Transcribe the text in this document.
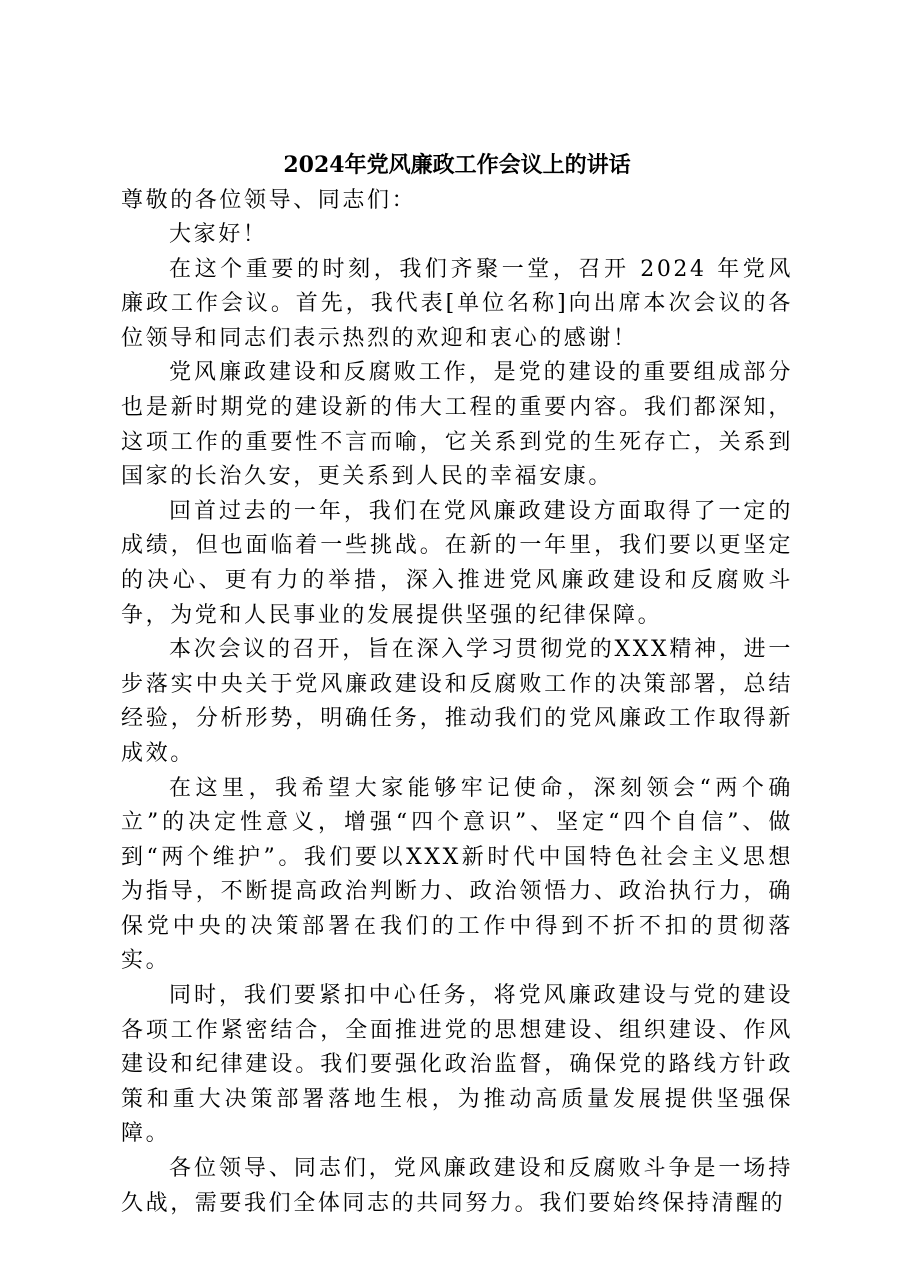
2024年党风廉政工作会议上的讲话

尊敬的各位领导、同志们：

大家好！

在这个重要的时刻，我们齐聚一堂，召开 2024 年党风廉政工作会议。首先，我代表[单位名称]向出席本次会议的各位领导和同志们表示热烈的欢迎和衷心的感谢！

党风廉政建设和反腐败工作，是党的建设的重要组成部分也是新时期党的建设新的伟大工程的重要内容。我们都深知，这项工作的重要性不言而喻，它关系到党的生死存亡，关系到国家的长治久安，更关系到人民的幸福安康。

回首过去的一年，我们在党风廉政建设方面取得了一定的成绩，但也面临着一些挑战。在新的一年里，我们要以更坚定的决心、更有力的举措，深入推进党风廉政建设和反腐败斗争，为党和人民事业的发展提供坚强的纪律保障。

本次会议的召开，旨在深入学习贯彻党的XXX精神，进一步落实中央关于党风廉政建设和反腐败工作的决策部署，总结经验，分析形势，明确任务，推动我们的党风廉政工作取得新成效。

在这里，我希望大家能够牢记使命，深刻领会“两个确立”的决定性意义，增强“四个意识”、坚定“四个自信”、做到“两个维护”。我们要以XXX新时代中国特色社会主义思想为指导，不断提高政治判断力、政治领悟力、政治执行力，确保党中央的决策部署在我们的工作中得到不折不扣的贯彻落实。

同时，我们要紧扣中心任务，将党风廉政建设与党的建设各项工作紧密结合，全面推进党的思想建设、组织建设、作风建设和纪律建设。我们要强化政治监督，确保党的路线方针政策和重大决策部署落地生根，为推动高质量发展提供坚强保障。

各位领导、同志们，党风廉政建设和反腐败斗争是一场持久战，需要我们全体同志的共同努力。我们要始终保持清醒的
